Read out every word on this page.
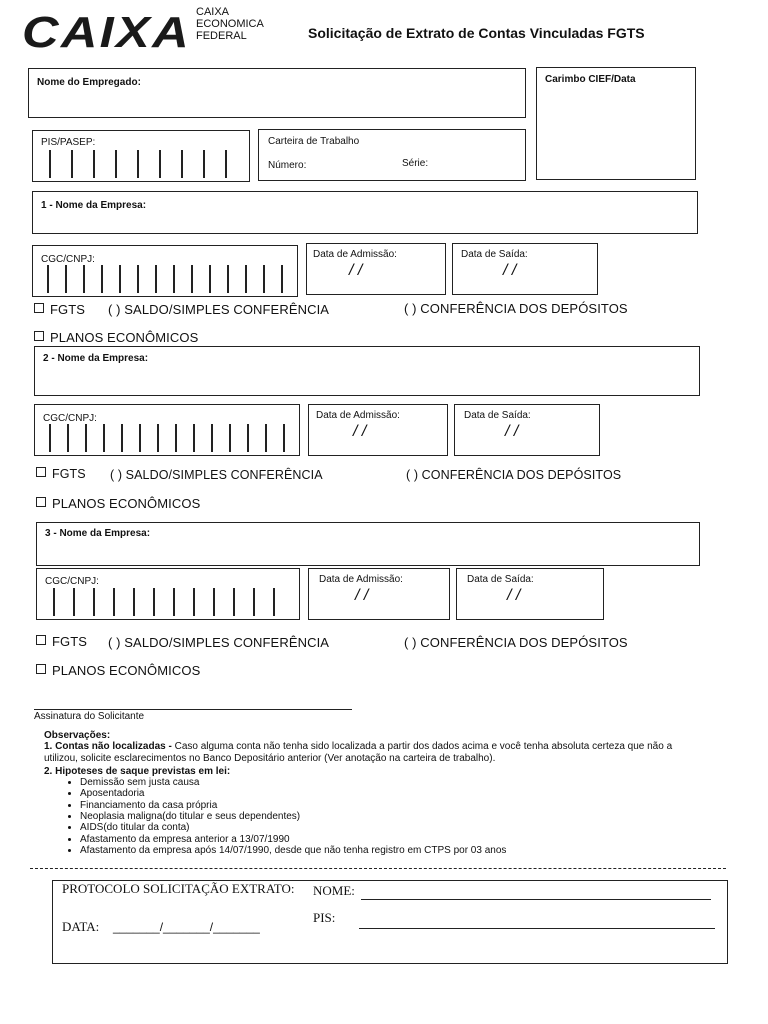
CAIXA CAIXA
ECONOMICA
FEDERAL	Solicitação de Extrato de Contas Vinculadas FGTS
Nome do Empregado:	Carimbo CIEF/Data
PIS/PASEP:	Carteira de Trabalho
Número:	Série:
1 - Nome da Empresa:
CGC/CNPJ:	Data de Admissão:
/ /
Data de Saída:
/ /
FGTS ( ) SALDO/SIMPLES CONFERÊNCIA	( ) CONFERÊNCIA DOS DEPÓSITOS
PLANOS ECONÔMICOS
2 - Nome da Empresa:
CGC/CNPJ:	Data de Admissão:
/ /
Data de Saída:
/ /
FGTS ( ) SALDO/SIMPLES CONFERÊNCIA	( ) CONFERÊNCIA DOS DEPÓSITOS
PLANOS ECONÔMICOS
3 - Nome da Empresa:
CGC/CNPJ:	Data de Admissão:
/ /
Data de Saída:
/ /
FGTS ( ) SALDO/SIMPLES CONFERÊNCIA	( ) CONFERÊNCIA DOS DEPÓSITOS
PLANOS ECONÔMICOS
Assinatura do Solicitante
Observações:
1. Contas não localizadas - Caso alguma conta não tenha sido localizada a partir dos dados acima e você tenha absoluta certeza que não a utilizou, solicite esclarecimentos no Banco Depositário anterior (Ver anotação na carteira de trabalho).
2. Hipoteses de saque previstas em lei:
• Demissão sem justa causa
• Aposentadoria
• Financiamento da casa própria
• Neoplasia maligna(do titular e seus dependentes)
• AIDS(do titular da conta)
• Afastamento da empresa anterior a 13/07/1990
• Afastamento da empresa após 14/07/1990, desde que não tenha registro em CTPS por 03 anos
PROTOCOLO SOLICITAÇÃO EXTRATO: NOME:
PIS:
DATA: _______/_______/_______
